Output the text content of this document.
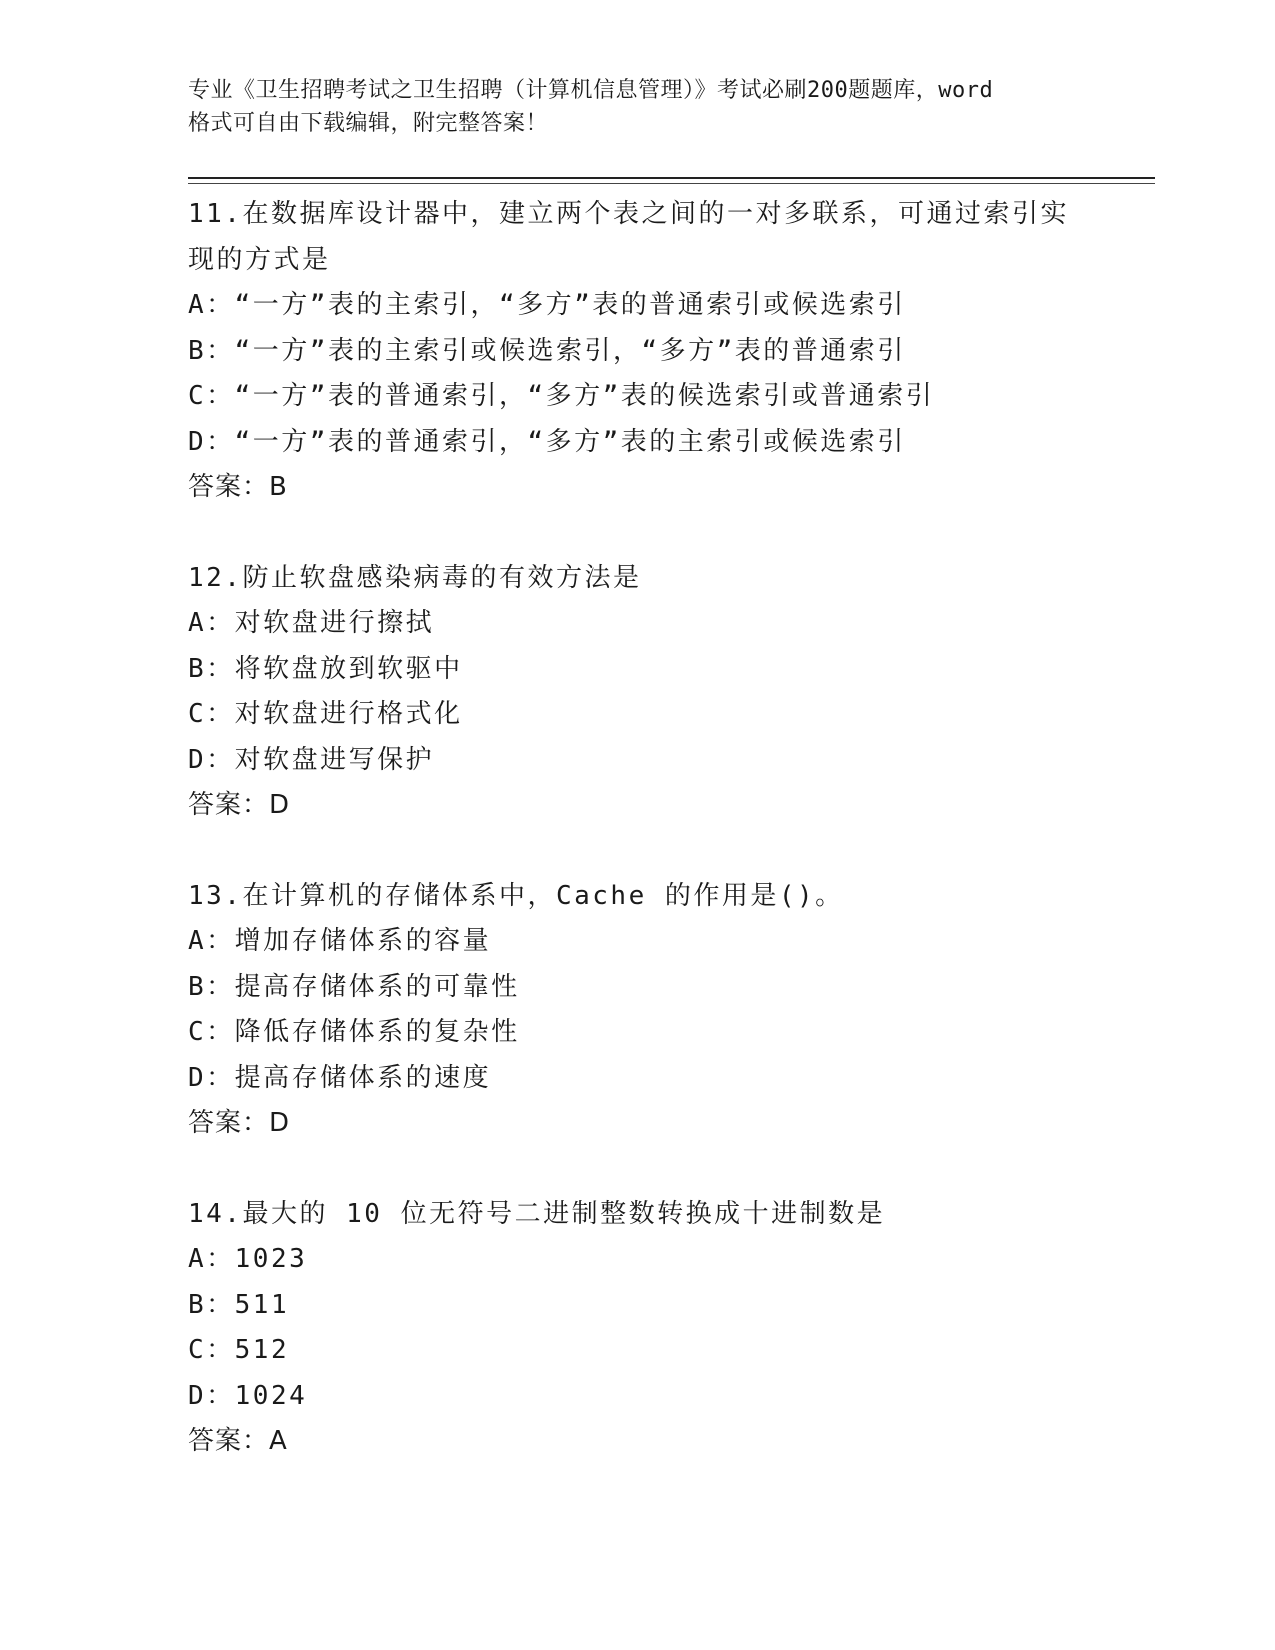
专业《卫生招聘考试之卫生招聘（计算机信息管理）》考试必刷200题题库，word
格式可自由下载编辑，附完整答案！
11.在数据库设计器中，建立两个表之间的一对多联系，可通过索引实
现的方式是
A：“一方”表的主索引，“多方”表的普通索引或候选索引
B：“一方”表的主索引或候选索引，“多方”表的普通索引
C：“一方”表的普通索引，“多方”表的候选索引或普通索引
D：“一方”表的普通索引，“多方”表的主索引或候选索引
答案：B
12.防止软盘感染病毒的有效方法是
A：对软盘进行擦拭
B：将软盘放到软驱中
C：对软盘进行格式化
D：对软盘进写保护
答案：D
13.在计算机的存储体系中，Cache 的作用是()。
A：增加存储体系的容量
B：提高存储体系的可靠性
C：降低存储体系的复杂性
D：提高存储体系的速度
答案：D
14.最大的 10 位无符号二进制整数转换成十进制数是
A：1023
B：511
C：512
D：1024
答案：A
